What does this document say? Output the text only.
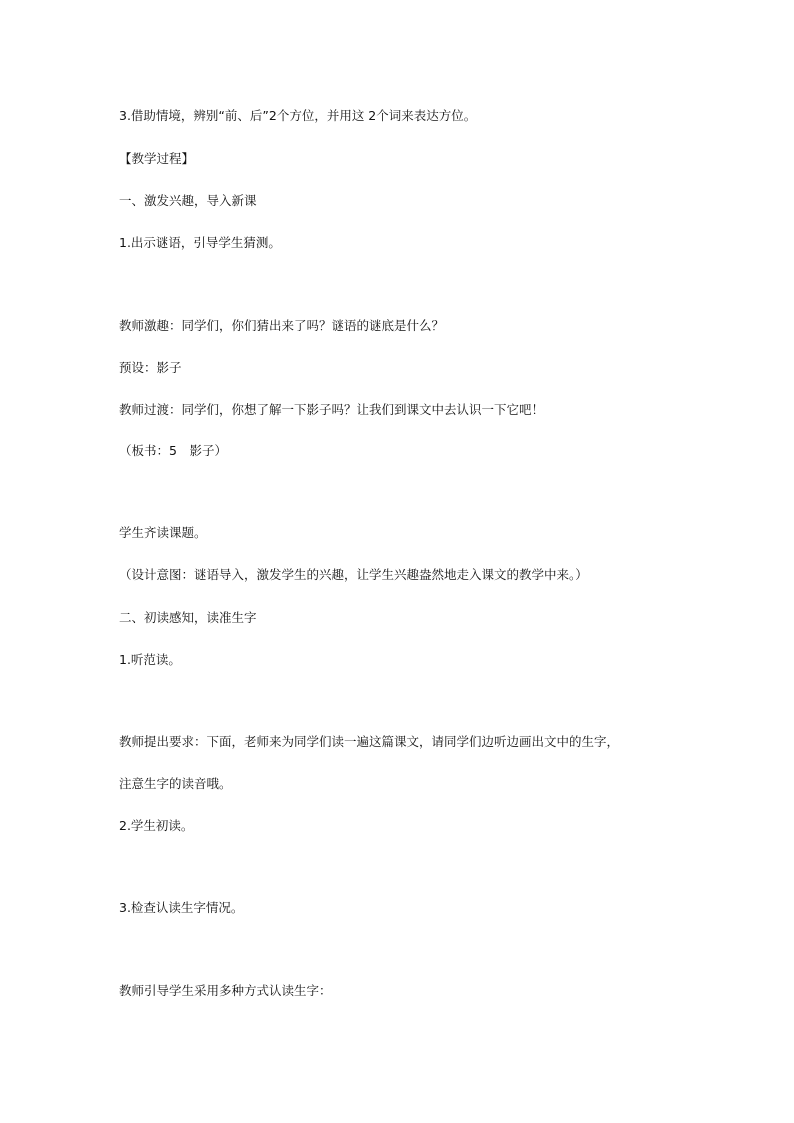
3.借助情境，辨别“前、后”2个方位，并用这 2个词来表达方位。
【教学过程】
一、激发兴趣，导入新课
1.出示谜语，引导学生猜测。
教师激趣：同学们，你们猜出来了吗？谜语的谜底是什么？
预设：影子
教师过渡：同学们，你想了解一下影子吗？让我们到课文中去认识一下它吧！
（板书：5　影子）
学生齐读课题。
（设计意图：谜语导入，激发学生的兴趣，让学生兴趣盎然地走入课文的教学中来。）
二、初读感知，读准生字
1.听范读。
教师提出要求：下面，老师来为同学们读一遍这篇课文，请同学们边听边画出文中的生字，
注意生字的读音哦。
2.学生初读。
3.检查认读生字情况。
教师引导学生采用多种方式认读生字：
